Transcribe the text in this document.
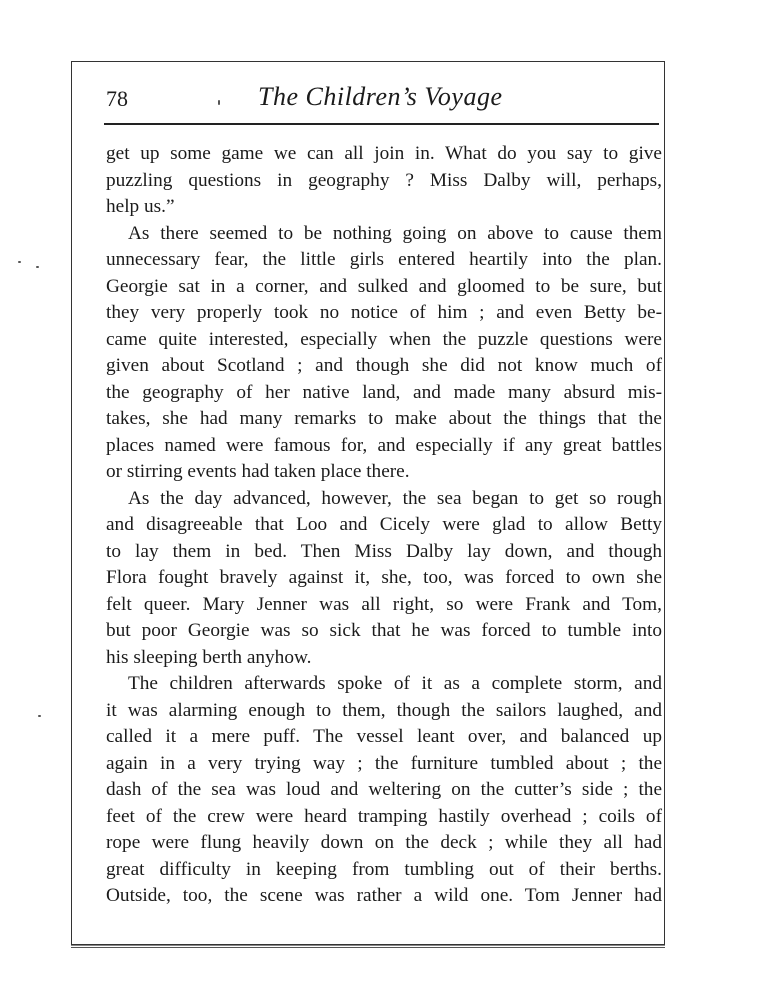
78	The Children’s Voyage
get up some game we can all join in. What do you say to give
puzzling questions in geography ? Miss Dalby will, perhaps,
help us.”
As there seemed to be nothing going on above to cause them
unnecessary fear, the little girls entered heartily into the plan.
Georgie sat in a corner, and sulked and gloomed to be sure, but
they very properly took no notice of him ; and even Betty be-
came quite interested, especially when the puzzle questions were
given about Scotland ; and though she did not know much of
the geography of her native land, and made many absurd mis-
takes, she had many remarks to make about the things that the
places named were famous for, and especially if any great battles
or stirring events had taken place there.
As the day advanced, however, the sea began to get so rough
and disagreeable that Loo and Cicely were glad to allow Betty
to lay them in bed. Then Miss Dalby lay down, and though
Flora fought bravely against it, she, too, was forced to own she
felt queer. Mary Jenner was all right, so were Frank and Tom,
but poor Georgie was so sick that he was forced to tumble into
his sleeping berth anyhow.
The children afterwards spoke of it as a complete storm, and
it was alarming enough to them, though the sailors laughed, and
called it a mere puff. The vessel leant over, and balanced up
again in a very trying way ; the furniture tumbled about ; the
dash of the sea was loud and weltering on the cutter’s side ; the
feet of the crew were heard tramping hastily overhead ; coils of
rope were flung heavily down on the deck ; while they all had
great difficulty in keeping from tumbling out of their berths.
Outside, too, the scene was rather a wild one. Tom Jenner had
